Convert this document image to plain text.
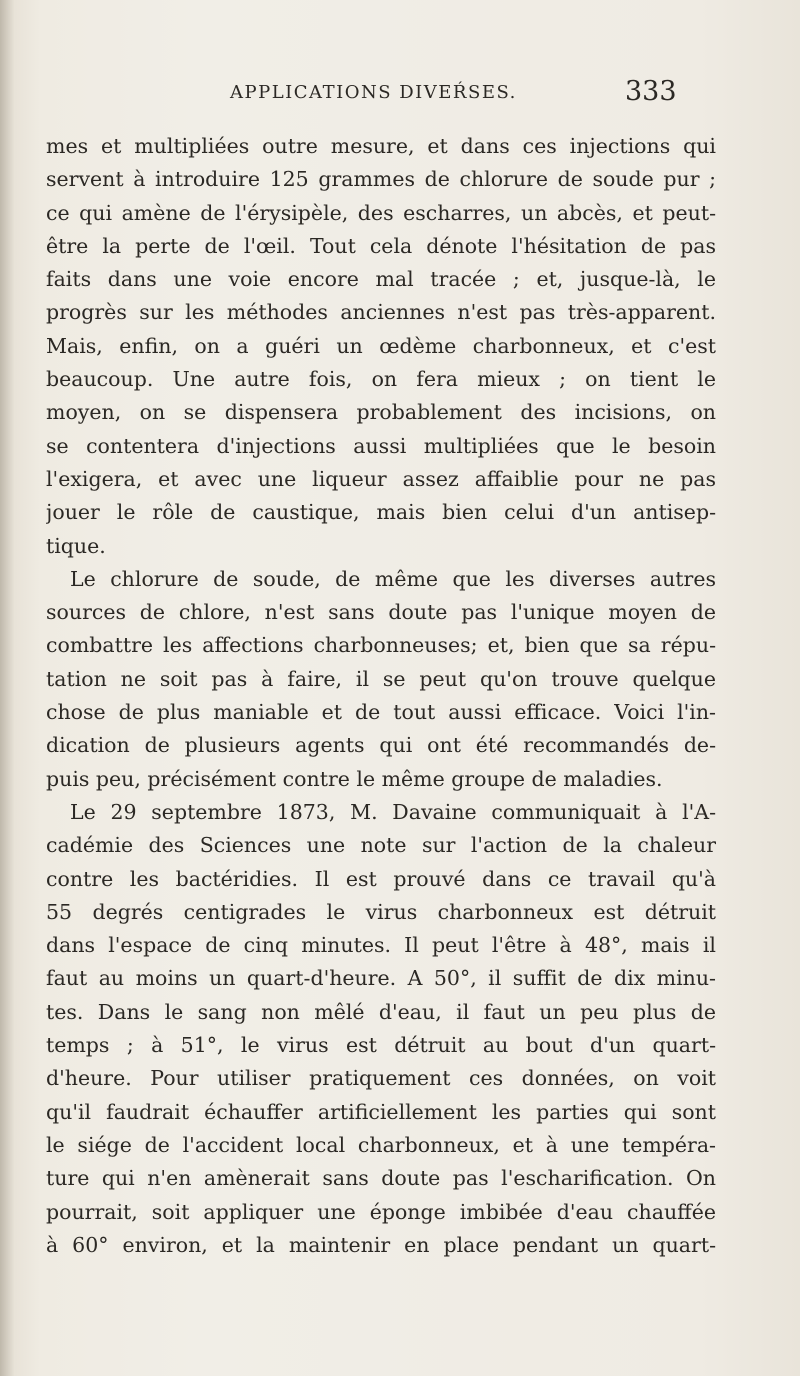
APPLICATIONS DIVEŔSES.	333
mes et multipliées outre mesure, et dans ces injections qui
servent à introduire 125 grammes de chlorure de soude pur ;
ce qui amène de l'érysipèle, des escharres, un abcès, et peut-
être la perte de l'œil. Tout cela dénote l'hésitation de pas
faits dans une voie encore mal tracée ; et, jusque-là, le
progrès sur les méthodes anciennes n'est pas très-apparent.
Mais, enfin, on a guéri un œdème charbonneux, et c'est
beaucoup. Une autre fois, on fera mieux ; on tient le
moyen, on se dispensera probablement des incisions, on
se contentera d'injections aussi multipliées que le besoin
l'exigera, et avec une liqueur assez affaiblie pour ne pas
jouer le rôle de caustique, mais bien celui d'un antisep-
tique.
Le chlorure de soude, de même que les diverses autres
sources de chlore, n'est sans doute pas l'unique moyen de
combattre les affections charbonneuses; et, bien que sa répu-
tation ne soit pas à faire, il se peut qu'on trouve quelque
chose de plus maniable et de tout aussi efficace. Voici l'in-
dication de plusieurs agents qui ont été recommandés de-
puis peu, précisément contre le même groupe de maladies.
Le 29 septembre 1873, M. Davaine communiquait à l'A-
cadémie des Sciences une note sur l'action de la chaleur
contre les bactéridies. Il est prouvé dans ce travail qu'à
55 degrés centigrades le virus charbonneux est détruit
dans l'espace de cinq minutes. Il peut l'être à 48°, mais il
faut au moins un quart-d'heure. A 50°, il suffit de dix minu-
tes. Dans le sang non mêlé d'eau, il faut un peu plus de
temps ; à 51°, le virus est détruit au bout d'un quart-
d'heure. Pour utiliser pratiquement ces données, on voit
qu'il faudrait échauffer artificiellement les parties qui sont
le siége de l'accident local charbonneux, et à une tempéra-
ture qui n'en amènerait sans doute pas l'escharification. On
pourrait, soit appliquer une éponge imbibée d'eau chauffée
à 60° environ, et la maintenir en place pendant un quart-
